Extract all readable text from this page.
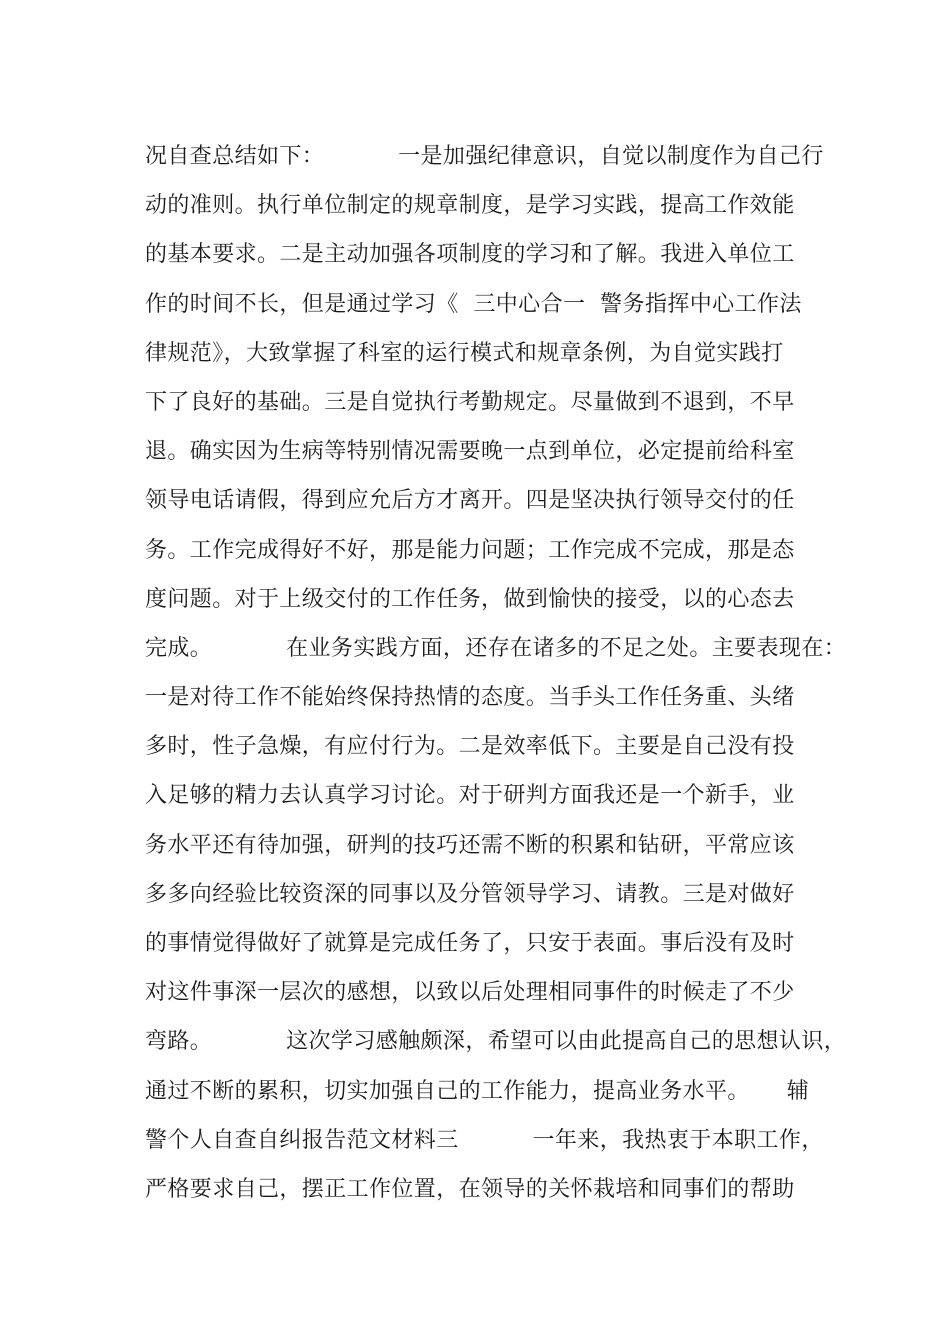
况自查总结如下：          一是加强纪律意识，自觉以制度作为自己行
动的准则。执行单位制定的规章制度，是学习实践，提高工作效能
的基本要求。二是主动加强各项制度的学习和了解。我进入单位工
作的时间不长，但是通过学习《  三中心合一  警务指挥中心工作法
律规范》，大致掌握了科室的运行模式和规章条例，为自觉实践打
下了良好的基础。三是自觉执行考勤规定。尽量做到不退到，不早
退。确实因为生病等特别情况需要晚一点到单位，必定提前给科室
领导电话请假，得到应允后方才离开。四是坚决执行领导交付的任
务。工作完成得好不好，那是能力问题；工作完成不完成，那是态
度问题。对于上级交付的工作任务，做到愉快的接受，以的心态去
完成。          在业务实践方面，还存在诸多的不足之处。主要表现在：
一是对待工作不能始终保持热情的态度。当手头工作任务重、头绪
多时，性子急燥，有应付行为。二是效率低下。主要是自己没有投
入足够的精力去认真学习讨论。对于研判方面我还是一个新手，业
务水平还有待加强，研判的技巧还需不断的积累和钻研，平常应该
多多向经验比较资深的同事以及分管领导学习、请教。三是对做好
的事情觉得做好了就算是完成任务了，只安于表面。事后没有及时
对这件事深一层次的感想，以致以后处理相同事件的时候走了不少
弯路。          这次学习感触颇深，希望可以由此提高自己的思想认识，
通过不断的累积，切实加强自己的工作能力，提高业务水平。     辅
警个人自查自纠报告范文材料三          一年来，我热衷于本职工作，
严格要求自己，摆正工作位置，在领导的关怀栽培和同事们的帮助
